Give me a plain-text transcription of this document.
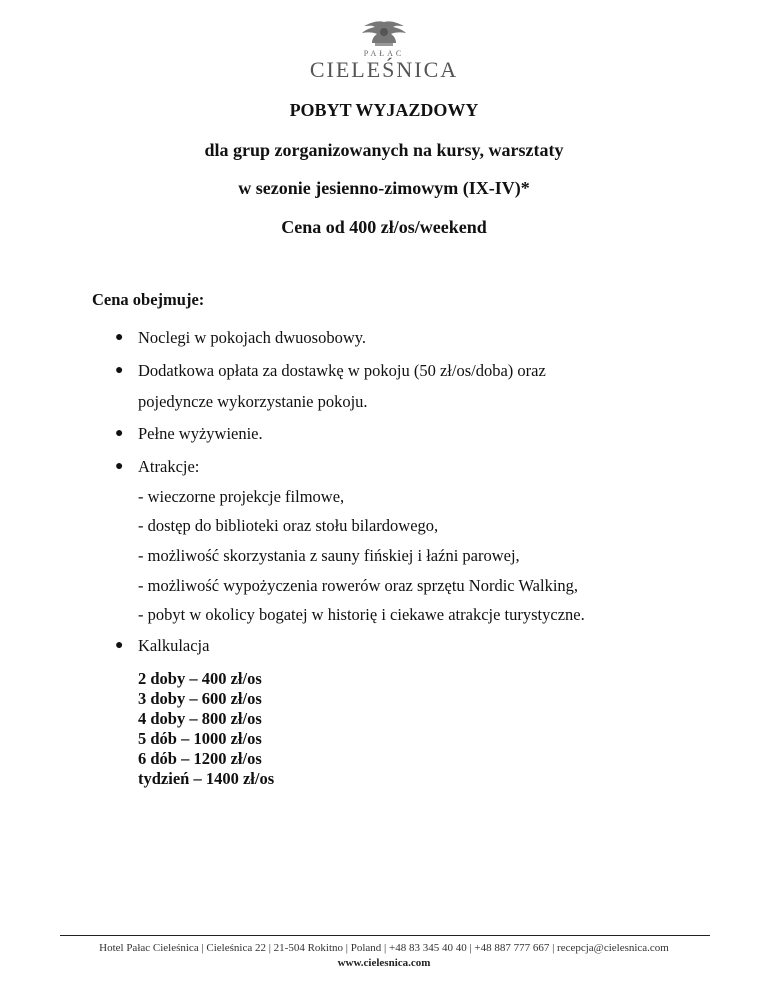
PAŁAC
CIELEŚNICA
POBYT WYJAZDOWY
dla grup zorganizowanych na kursy, warsztaty
w sezonie jesienno-zimowym (IX-IV)*
Cena od 400 zł/os/weekend
Cena obejmuje:
● Noclegi w pokojach dwuosobowy.
● Dodatkowa opłata za dostawkę w pokoju (50 zł/os/doba) oraz
pojedyncze wykorzystanie pokoju.
● Pełne wyżywienie.
● Atrakcje:
- wieczorne projekcje filmowe,
- dostęp do biblioteki oraz stołu bilardowego,
- możliwość skorzystania z sauny fińskiej i łaźni parowej,
- możliwość wypożyczenia rowerów oraz sprzętu Nordic Walking,
- pobyt w okolicy bogatej w historię i ciekawe atrakcje turystyczne.
● Kalkulacja
2 doby – 400 zł/os
3 doby – 600 zł/os
4 doby – 800 zł/os
5 dób – 1000 zł/os
6 dób – 1200 zł/os
tydzień – 1400 zł/os
Hotel Pałac Cieleśnica | Cieleśnica 22 | 21-504 Rokitno | Poland | +48 83 345 40 40 | +48 887 777 667 | recepcja@cielesnica.com
www.cielesnica.com
